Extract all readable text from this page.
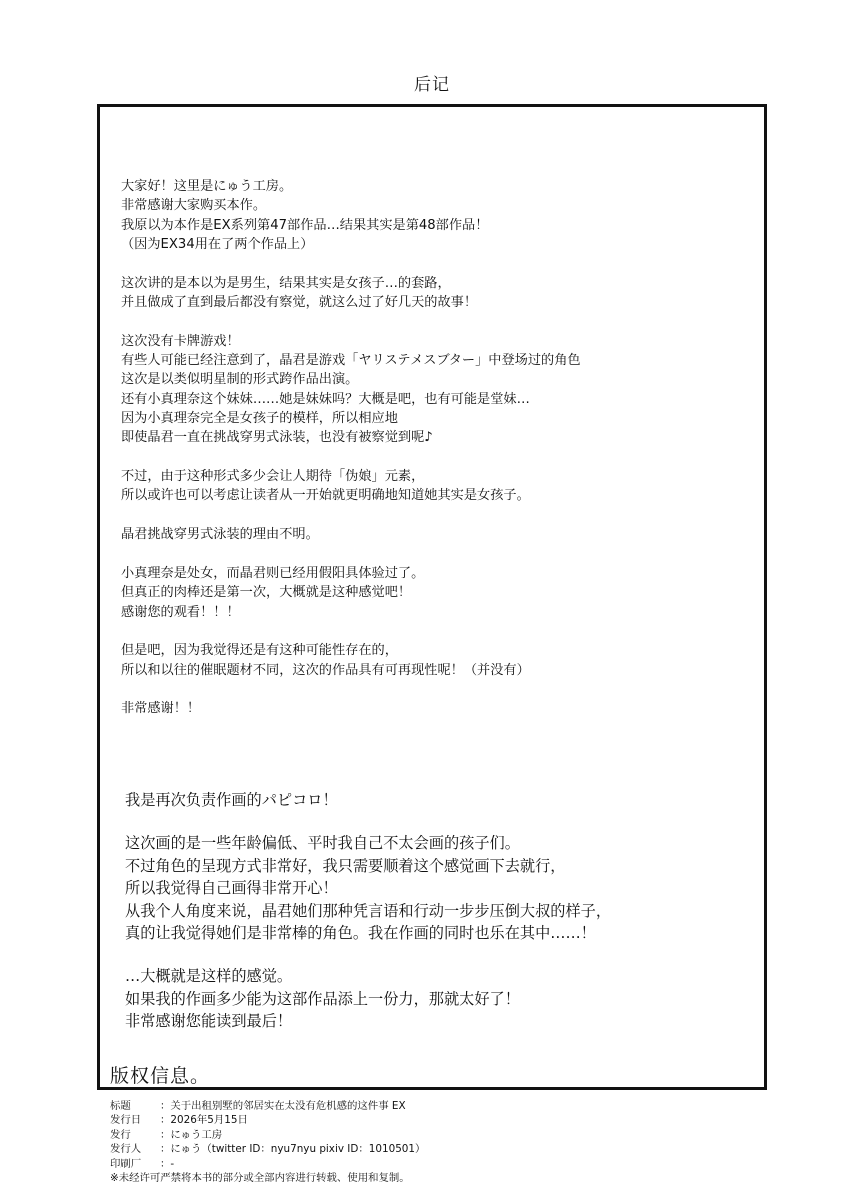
后记
大家好！这里是にゅう工房。
非常感谢大家购买本作。
我原以为本作是EX系列第47部作品…结果其实是第48部作品！
（因为EX34用在了两个作品上）
这次讲的是本以为是男生，结果其实是女孩子…的套路，
并且做成了直到最后都没有察觉，就这么过了好几天的故事！
这次没有卡牌游戏！
有些人可能已经注意到了，晶君是游戏「ヤリステメスブター」中登场过的角色
这次是以类似明星制的形式跨作品出演。
还有小真理奈这个妹妹……她是妹妹吗？大概是吧，也有可能是堂妹…
因为小真理奈完全是女孩子的模样，所以相应地
即使晶君一直在挑战穿男式泳装，也没有被察觉到呢♪
不过，由于这种形式多少会让人期待「伪娘」元素，
所以或许也可以考虑让读者从一开始就更明确地知道她其实是女孩子。
晶君挑战穿男式泳装的理由不明。
小真理奈是处女，而晶君则已经用假阳具体验过了。
但真正的肉棒还是第一次，大概就是这种感觉吧！
感谢您的观看！！！
但是吧，因为我觉得还是有这种可能性存在的，
所以和以往的催眠题材不同，这次的作品具有可再现性呢！（并没有）
非常感谢！！
我是再次负责作画的パピコロ！
这次画的是一些年龄偏低、平时我自己不太会画的孩子们。
不过角色的呈现方式非常好，我只需要顺着这个感觉画下去就行，
所以我觉得自己画得非常开心！
从我个人角度来说，晶君她们那种凭言语和行动一步步压倒大叔的样子，
真的让我觉得她们是非常棒的角色。我在作画的同时也乐在其中……！
…大概就是这样的感觉。
如果我的作画多少能为这部作品添上一份力，那就太好了！
非常感谢您能读到最后！
版权信息。
标题	：关于出租别墅的邻居实在太没有危机感的这件事 EX
发行日	：2026年5月15日
发行	：にゅう工房
发行人	：にゅう（twitter ID：nyu7nyu pixiv ID：1010501）
印刷厂	：-
※未经许可严禁将本书的部分或全部内容进行转载、使用和复制。
